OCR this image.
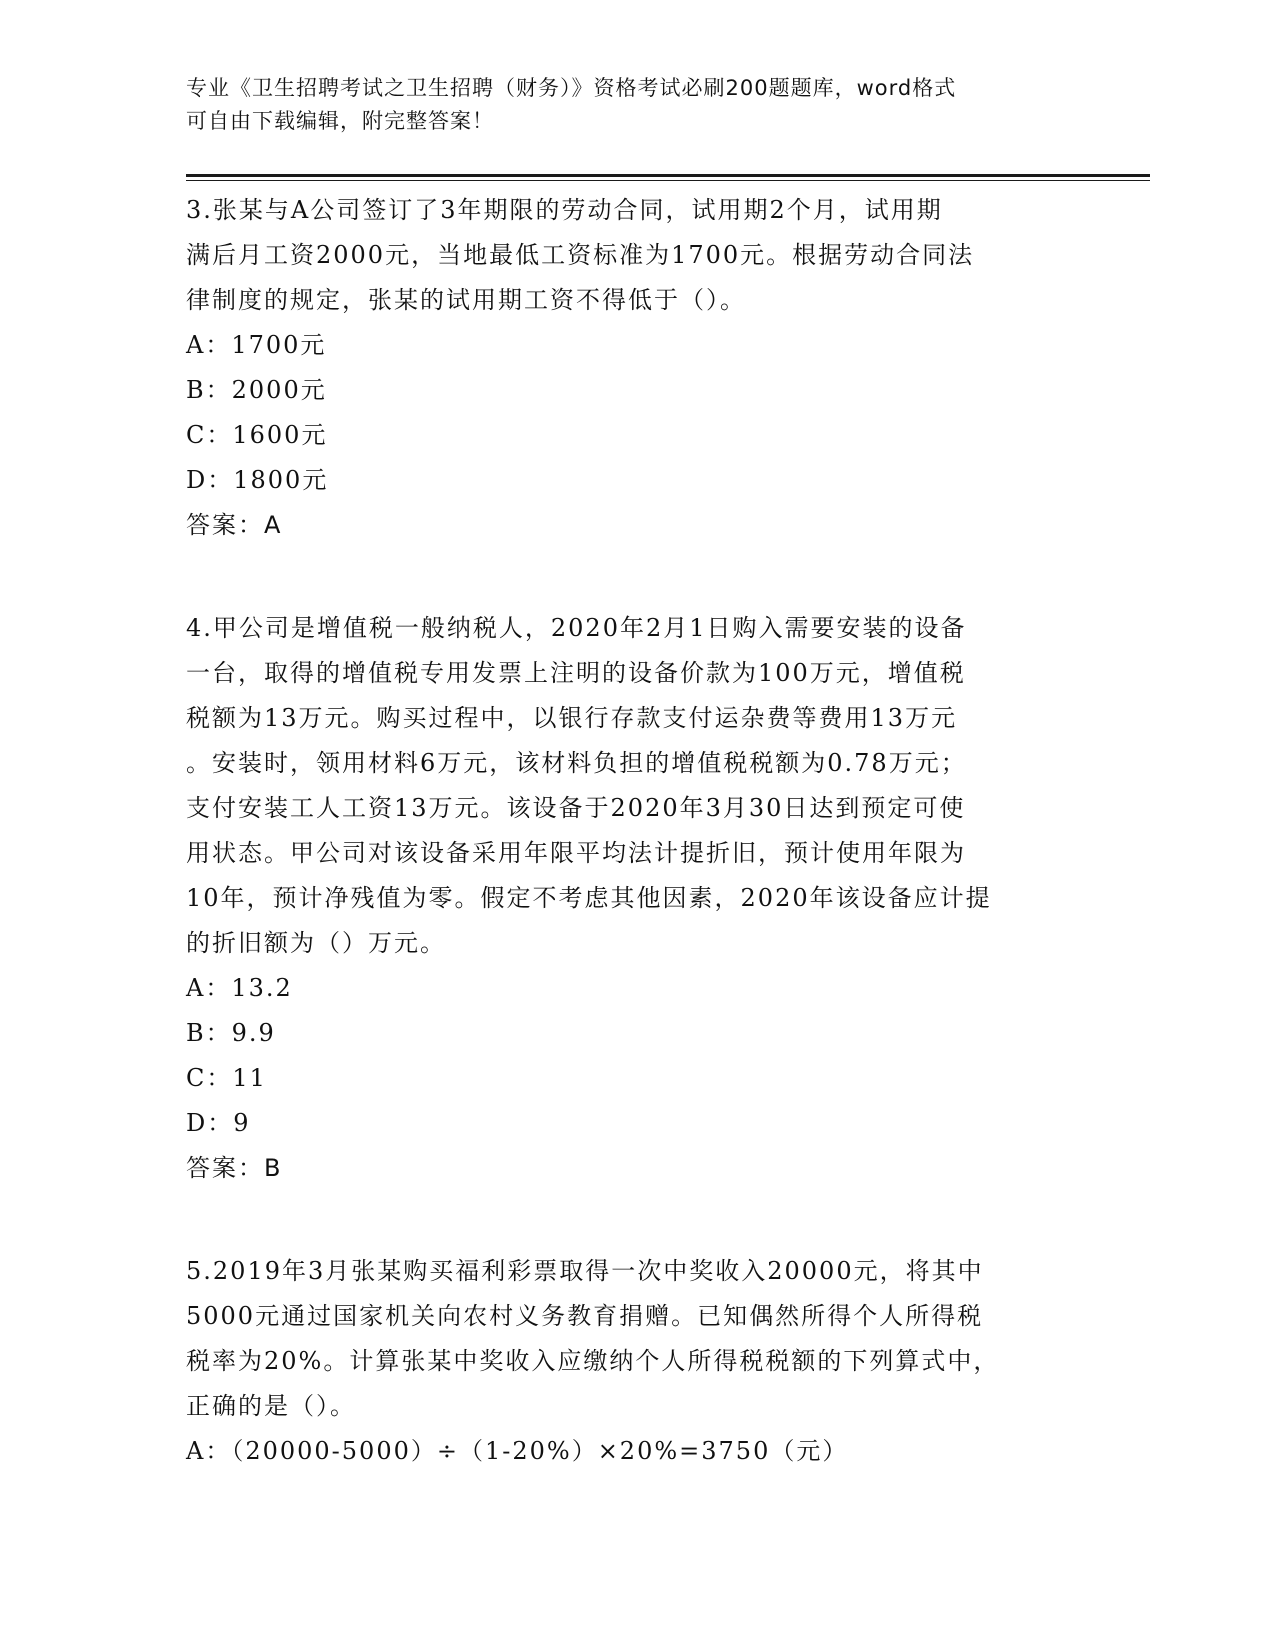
专业《卫生招聘考试之卫生招聘（财务）》资格考试必刷200题题库，word格式
可自由下载编辑，附完整答案！

3.张某与A公司签订了3年期限的劳动合同，试用期2个月，试用期

满后月工资2000元，当地最低工资标准为1700元。根据劳动合同法

律制度的规定，张某的试用期工资不得低于（）。

A：1700元

B：2000元

C：1600元

D：1800元

答案：A

4.甲公司是增值税一般纳税人，2020年2月1日购入需要安装的设备

一台，取得的增值税专用发票上注明的设备价款为100万元，增值税

税额为13万元。购买过程中，以银行存款支付运杂费等费用13万元

。安装时，领用材料6万元，该材料负担的增值税税额为0.78万元；

支付安装工人工资13万元。该设备于2020年3月30日达到预定可使

用状态。甲公司对该设备采用年限平均法计提折旧，预计使用年限为

10年，预计净残值为零。假定不考虑其他因素，2020年该设备应计提

的折旧额为（）万元。

A：13.2

B：9.9

C：11

D：9

答案：B

5.2019年3月张某购买福利彩票取得一次中奖收入20000元，将其中

5000元通过国家机关向农村义务教育捐赠。已知偶然所得个人所得税

税率为20%。计算张某中奖收入应缴纳个人所得税税额的下列算式中，

正确的是（）。

A：（20000-5000）÷（1-20%）×20%=3750（元）
